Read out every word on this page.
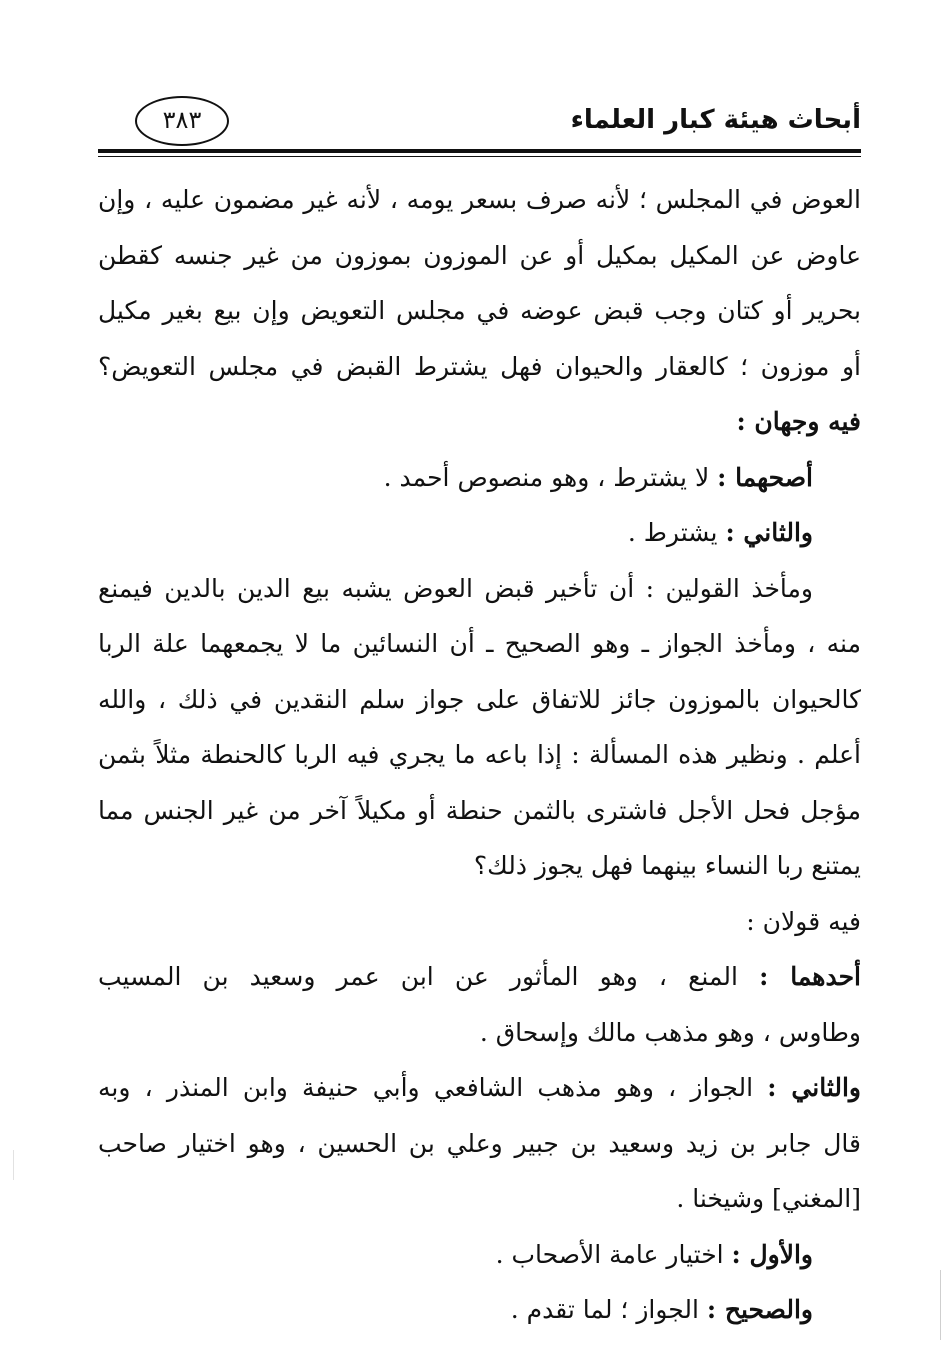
أبحاث هيئة كبار العلماء
٣٨٣
العوض في المجلس ؛ لأنه صرف بسعر يومه ، لأنه غير مضمون عليه ، وإن
عاوض عن المكيل بمكيل أو عن الموزون بموزون من غير جنسه كقطن
بحرير أو كتان وجب قبض عوضه في مجلس التعويض وإن بيع بغير مكيل
أو موزون ؛ كالعقار والحيوان فهل يشترط القبض في مجلس التعويض؟
فيه وجهان :
أصحهما : لا يشترط ، وهو منصوص أحمد .
والثاني : يشترط .
ومأخذ القولين : أن تأخير قبض العوض يشبه بيع الدين بالدين فيمنع
منه ، ومأخذ الجواز ـ وهو الصحيح ـ أن النسائين ما لا يجمعهما علة الربا
كالحيوان بالموزون جائز للاتفاق على جواز سلم النقدين في ذلك ، والله
أعلم . ونظير هذه المسألة : إذا باعه ما يجري فيه الربا كالحنطة مثلاً بثمن
مؤجل فحل الأجل فاشترى بالثمن حنطة أو مكيلاً آخر من غير الجنس مما
يمتنع ربا النساء بينهما فهل يجوز ذلك؟
فيه قولان :
أحدهما : المنع ، وهو المأثور عن ابن عمر وسعيد بن المسيب
وطاوس ، وهو مذهب مالك وإسحاق .
والثاني : الجواز ، وهو مذهب الشافعي وأبي حنيفة وابن المنذر ، وبه
قال جابر بن زيد وسعيد بن جبير وعلي بن الحسين ، وهو اختيار صاحب
[المغني] وشيخنا .
والأول : اختيار عامة الأصحاب .
والصحيح : الجواز ؛ لما تقدم .
